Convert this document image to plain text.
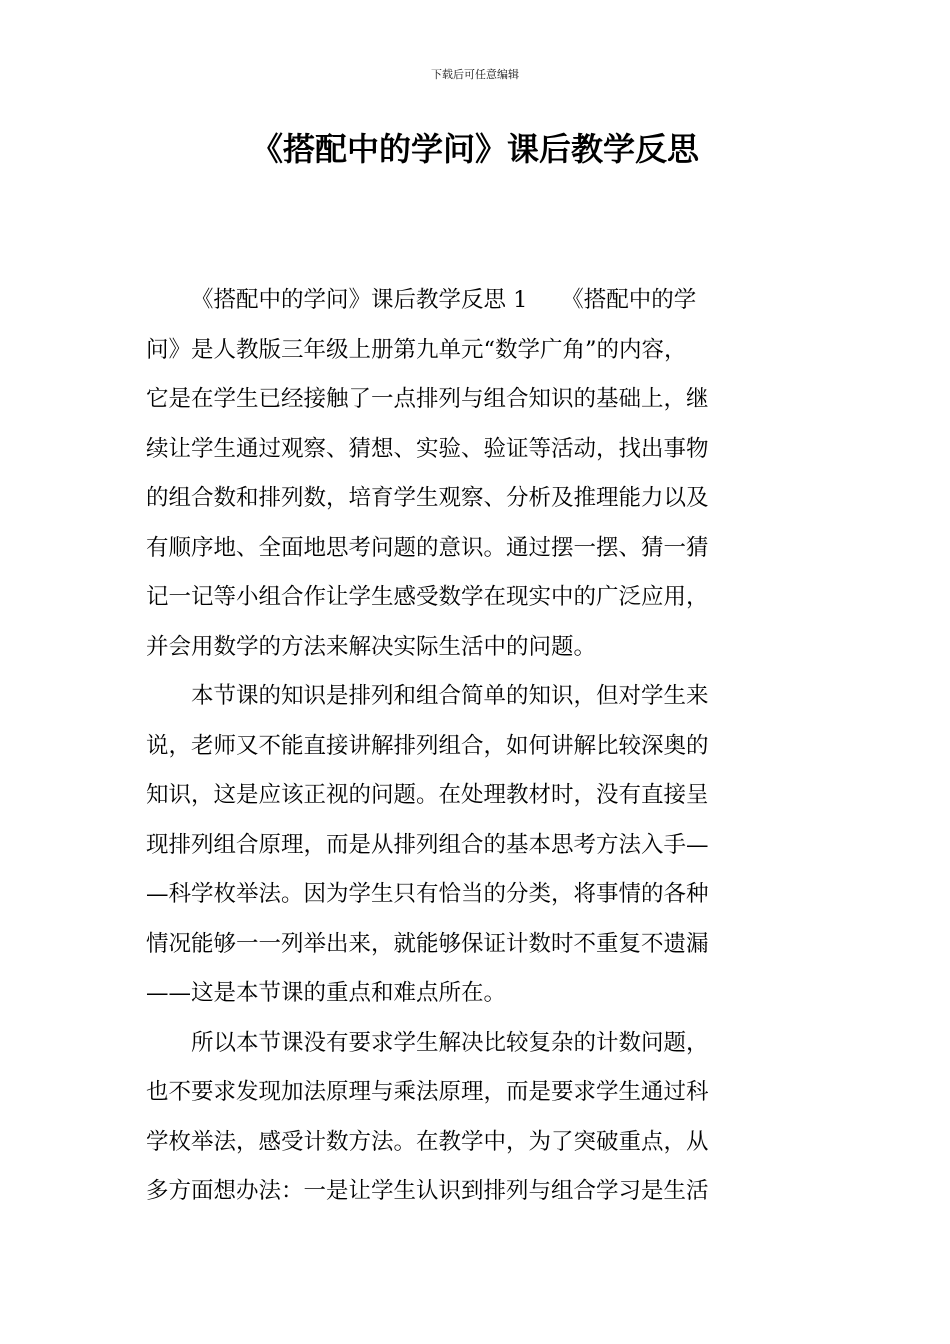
下载后可任意编辑
《搭配中的学问》课后教学反思
《搭配中的学问》课后教学反思 1　　《搭配中的学
问》是人教版三年级上册第九单元“数学广角”的内容，
它是在学生已经接触了一点排列与组合知识的基础上，继
续让学生通过观察、猜想、实验、验证等活动，找出事物
的组合数和排列数，培育学生观察、分析及推理能力以及
有顺序地、全面地思考问题的意识。通过摆一摆、猜一猜
记一记等小组合作让学生感受数学在现实中的广泛应用，
并会用数学的方法来解决实际生活中的问题。
本节课的知识是排列和组合简单的知识，但对学生来
说，老师又不能直接讲解排列组合，如何讲解比较深奥的
知识，这是应该正视的问题。在处理教材时，没有直接呈
现排列组合原理，而是从排列组合的基本思考方法入手—
—科学枚举法。因为学生只有恰当的分类，将事情的各种
情况能够一一列举出来，就能够保证计数时不重复不遗漏
——这是本节课的重点和难点所在。
所以本节课没有要求学生解决比较复杂的计数问题，
也不要求发现加法原理与乘法原理，而是要求学生通过科
学枚举法，感受计数方法。在教学中，为了突破重点，从
多方面想办法：一是让学生认识到排列与组合学习是生活
